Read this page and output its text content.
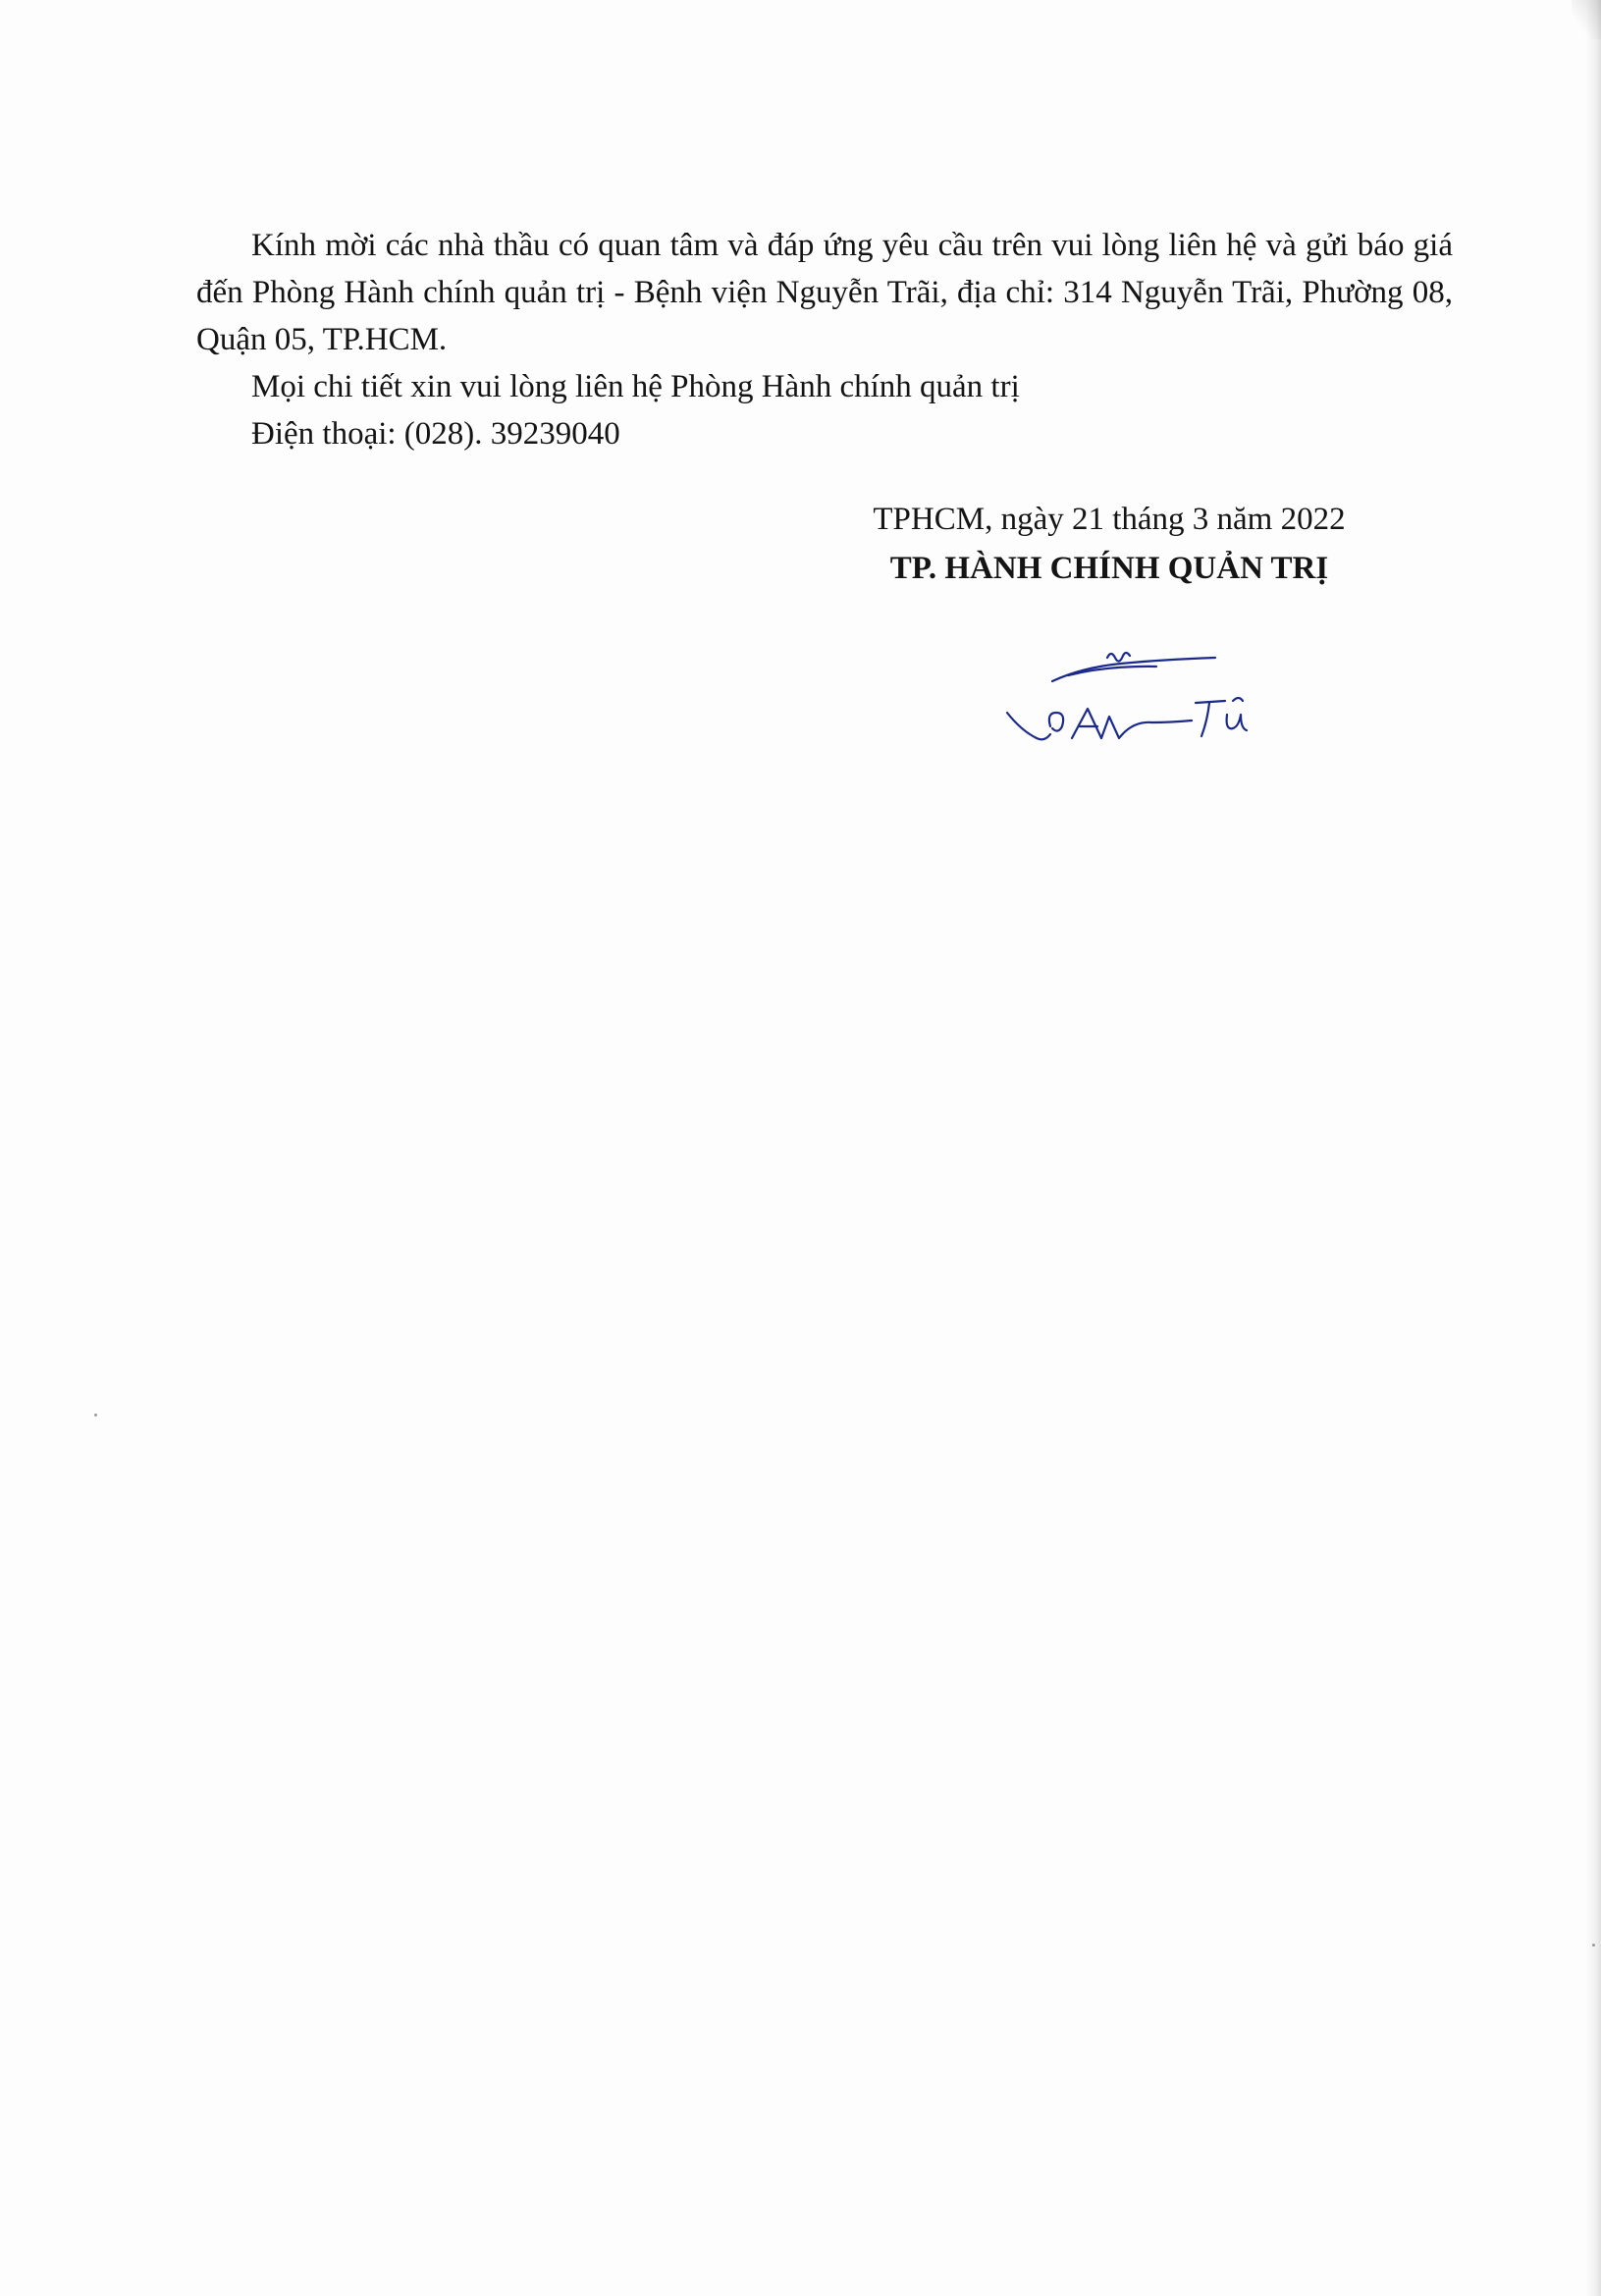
Kính mời các nhà thầu có quan tâm và đáp ứng yêu cầu trên vui lòng liên hệ và gửi báo giá đến Phòng Hành chính quản trị - Bệnh viện Nguyễn Trãi, địa chỉ: 314 Nguyễn Trãi, Phường 08, Quận 05, TP.HCM.

Mọi chi tiết xin vui lòng liên hệ Phòng Hành chính quản trị

Điện thoại: (028). 39239040

TPHCM, ngày 21 tháng 3 năm 2022

TP. HÀNH CHÍNH QUẢN TRỊ
